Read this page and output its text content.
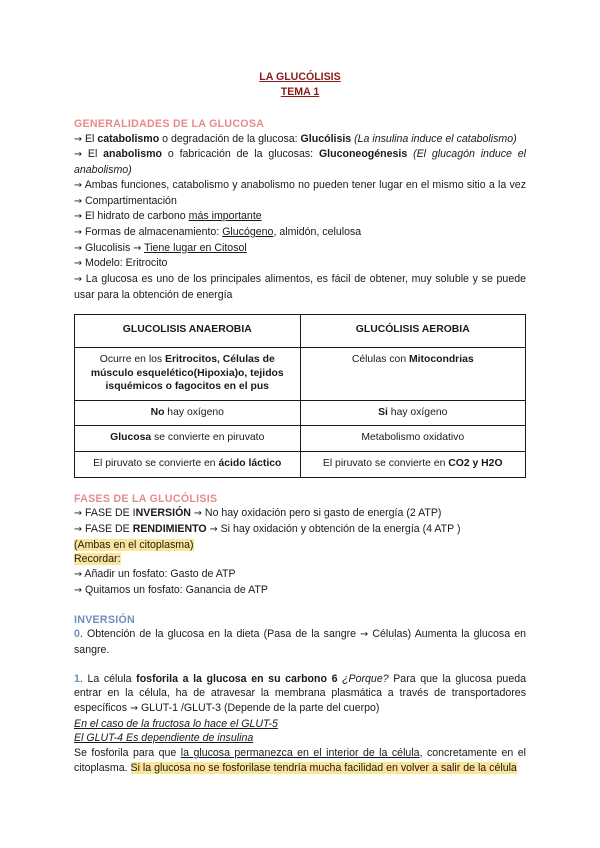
LA GLUCÓLISIS
TEMA 1
GENERALIDADES DE LA GLUCOSA

→ El catabolismo o degradación de la glucosa: Glucólisis (La insulina induce el catabolismo)

→ El anabolismo o fabricación de la glucosas: Gluconeogénesis (El glucagón induce el anabolismo)

→ Ambas funciones, catabolismo y anabolismo no pueden tener lugar en el mismo sitio a la vez → Compartimentación

→ El hidrato de carbono más importante

→ Formas de almacenamiento: Glucógeno, almidón, celulosa

→ Glucolisis → Tiene lugar en Citosol

→ Modelo: Eritrocito

→ La glucosa es uno de los principales alimentos, es fácil de obtener, muy soluble y se puede usar para la obtención de energía

GLUCOLISIS ANAEROBIA	GLUCÓLISIS AEROBIA
Ocurre en los Eritrocitos, Células de músculo esquelético(Hipoxia)o, tejidos isquémicos o fagocitos en el pus	Células con Mitocondrias
No hay oxígeno	Si hay oxígeno
Glucosa se convierte en piruvato	Metabolismo oxidativo
El piruvato se convierte en ácido láctico	El piruvato se convierte en CO2 y H2O
FASES DE LA GLUCÓLISIS

→ FASE DE INVERSIÓN → No hay oxidación pero si gasto de energía (2 ATP)

→ FASE DE RENDIMIENTO → Si hay oxidación y obtención de la energía (4 ATP )

(Ambas en el citoplasma)

Recordar:

→ Añadir un fosfato: Gasto de ATP

→ Quitamos un fosfato: Ganancia de ATP

INVERSIÓN

0. Obtención de la glucosa en la dieta (Pasa de la sangre → Células) Aumenta la glucosa en sangre.

1. La célula fosforila a la glucosa en su carbono 6 ¿Porque? Para que la glucosa pueda entrar en la célula, ha de atravesar la membrana plasmática a través de transportadores específicos → GLUT-1 /GLUT-3 (Depende de la parte del cuerpo)

En el caso de la fructosa lo hace el GLUT-5

El GLUT-4 Es dependiente de insulina

Se fosforila para que la glucosa permanezca en el interior de la célula, concretamente en el citoplasma. Si la glucosa no se fosforilase tendría mucha facilidad en volver a salir de la célula
